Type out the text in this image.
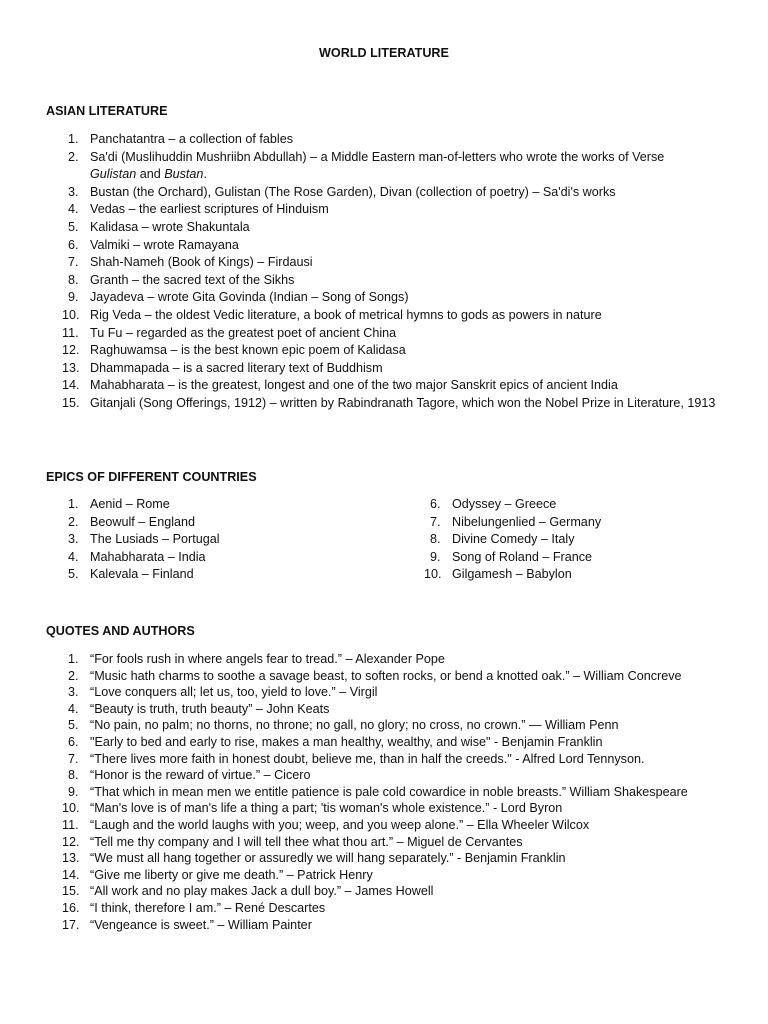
WORLD LITERATURE
ASIAN LITERATURE
1. Panchatantra – a collection of fables
2. Sa'di (Muslihuddin Mushriibn Abdullah) – a Middle Eastern man-of-letters who wrote the works of Verse
Gulistan and Bustan.
3. Bustan (the Orchard), Gulistan (The Rose Garden), Divan (collection of poetry) – Sa'di's works
4. Vedas – the earliest scriptures of Hinduism
5. Kalidasa – wrote Shakuntala
6. Valmiki – wrote Ramayana
7. Shah-Nameh (Book of Kings) – Firdausi
8. Granth – the sacred text of the Sikhs
9. Jayadeva – wrote Gita Govinda (Indian – Song of Songs)
10. Rig Veda – the oldest Vedic literature, a book of metrical hymns to gods as powers in nature
11. Tu Fu – regarded as the greatest poet of ancient China
12. Raghuwamsa – is the best known epic poem of Kalidasa
13. Dhammapada – is a sacred literary text of Buddhism
14. Mahabharata – is the greatest, longest and one of the two major Sanskrit epics of ancient India
15. Gitanjali (Song Offerings, 1912) – written by Rabindranath Tagore, which won the Nobel Prize in Literature, 1913
EPICS OF DIFFERENT COUNTRIES
1. Aenid – Rome
2. Beowulf – England
3. The Lusiads – Portugal
4. Mahabharata – India
5. Kalevala – Finland
6. Odyssey – Greece
7. Nibelungenlied – Germany
8. Divine Comedy – Italy
9. Song of Roland – France
10. Gilgamesh – Babylon
QUOTES AND AUTHORS
1. “For fools rush in where angels fear to tread.” – Alexander Pope
2. “Music hath charms to soothe a savage beast, to soften rocks, or bend a knotted oak.” – William Concreve
3. “Love conquers all; let us, too, yield to love.” – Virgil
4. “Beauty is truth, truth beauty” – John Keats
5. “No pain, no palm; no thorns, no throne; no gall, no glory; no cross, no crown.” — William Penn
6. "Early to bed and early to rise, makes a man healthy, wealthy, and wise" - Benjamin Franklin
7. “There lives more faith in honest doubt, believe me, than in half the creeds." - Alfred Lord Tennyson.
8. “Honor is the reward of virtue.” – Cicero
9. “That which in mean men we entitle patience is pale cold cowardice in noble breasts.” William Shakespeare
10. “Man's love is of man's life a thing a part; 'tis woman's whole existence.” - Lord Byron
11. “Laugh and the world laughs with you; weep, and you weep alone.” – Ella Wheeler Wilcox
12. “Tell me thy company and I will tell thee what thou art.” – Miguel de Cervantes
13. “We must all hang together or assuredly we will hang separately.” - Benjamin Franklin
14. “Give me liberty or give me death.” – Patrick Henry
15. “All work and no play makes Jack a dull boy.” – James Howell
16. “I think, therefore I am.” – René Descartes
17. “Vengeance is sweet.” – William Painter
